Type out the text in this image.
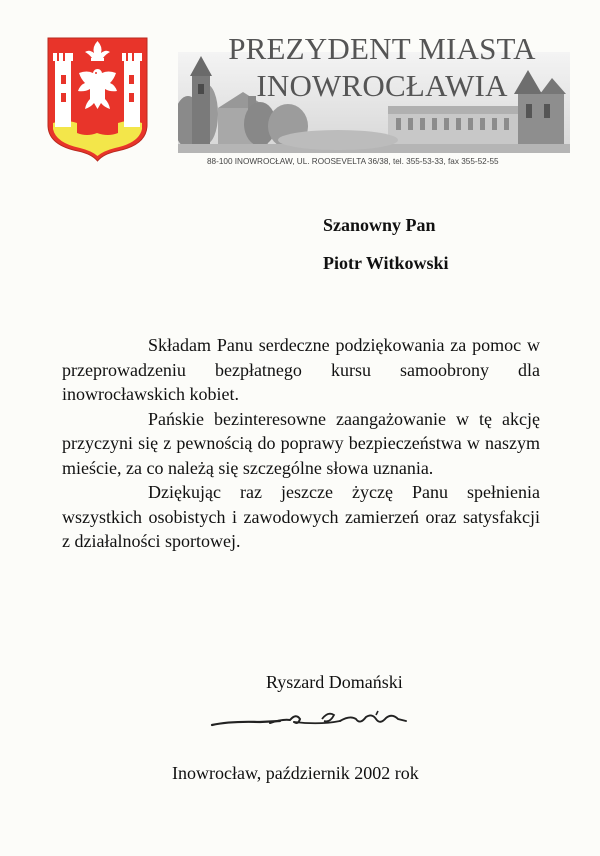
PREZYDENT MIASTA
INOWROCŁAWIA
88-100 INOWROCŁAW, UL. ROOSEVELTA 36/38, tel. 355-53-33, fax 355-52-55
Szanowny Pan
Piotr Witkowski

Składam Panu serdeczne podziękowania za pomoc w przeprowadzeniu bezpłatnego kursu samoobrony dla inowrocławskich kobiet.

Pańskie bezinteresowne zaangażowanie w tę akcję przyczyni się z pewnością do poprawy bezpieczeństwa w naszym mieście, za co należą się szczególne słowa uznania.

Dziękując raz jeszcze życzę Panu spełnienia wszystkich osobistych i zawodowych zamierzeń oraz satysfakcji z działalności sportowej.

Ryszard Domański
Inowrocław, październik 2002 rok
